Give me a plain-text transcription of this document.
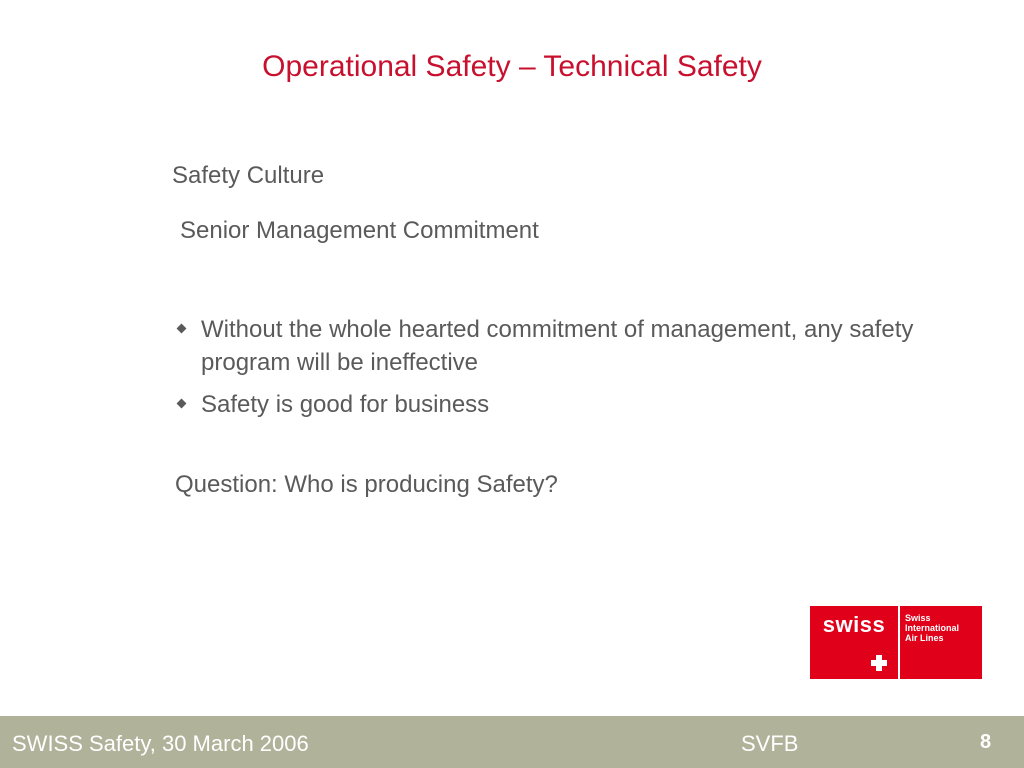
Operational Safety – Technical Safety
Safety Culture
Senior Management Commitment
Without the whole hearted commitment of management, any safety program will be ineffective
Safety is good for business
Question: Who is producing Safety?
swiss	Swiss
International
Air Lines
SWISS Safety, 30 March 2006	SVFB	8
